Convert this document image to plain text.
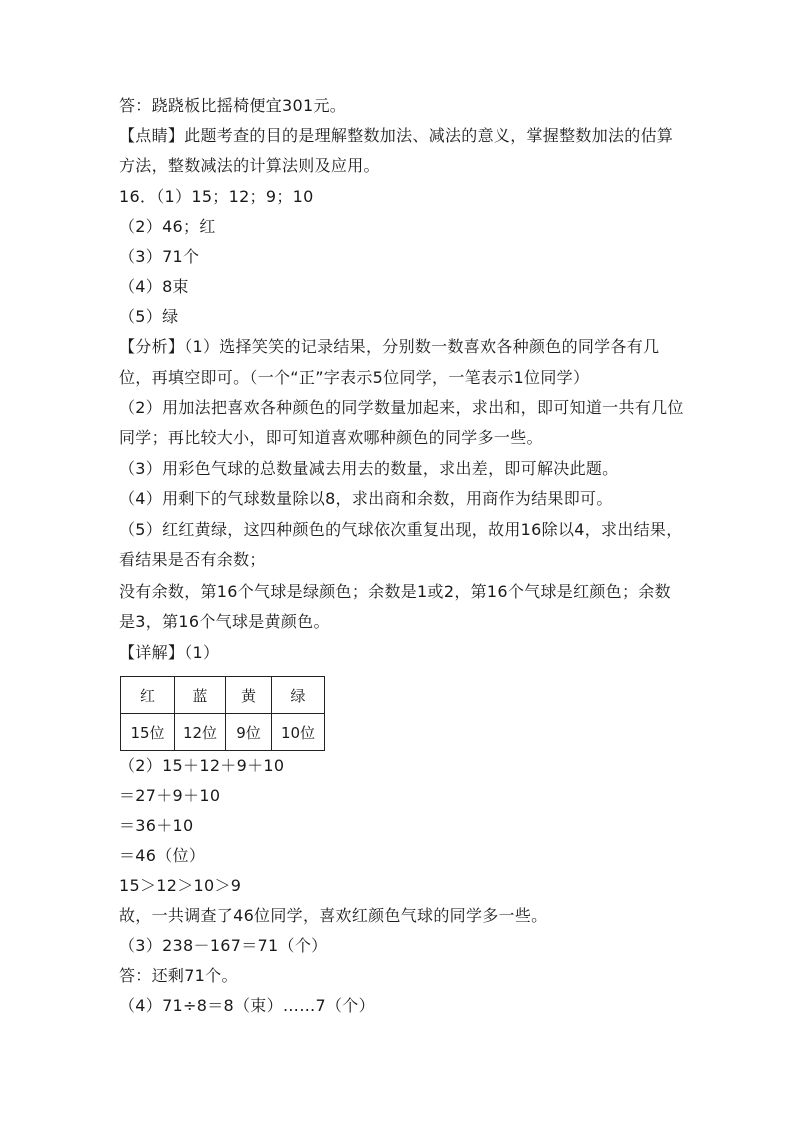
答：跷跷板比摇椅便宜301元。
【点睛】此题考查的目的是理解整数加法、减法的意义，掌握整数加法的估算
方法，整数减法的计算法则及应用。
16．（1）15；12；9；10
（2）46；红
（3）71个
（4）8束
（5）绿
【分析】（1）选择笑笑的记录结果，分别数一数喜欢各种颜色的同学各有几
位，再填空即可。（一个“正”字表示5位同学，一笔表示1位同学）
（2）用加法把喜欢各种颜色的同学数量加起来，求出和，即可知道一共有几位
同学；再比较大小，即可知道喜欢哪种颜色的同学多一些。
（3）用彩色气球的总数量减去用去的数量，求出差，即可解决此题。
（4）用剩下的气球数量除以8，求出商和余数，用商作为结果即可。
（5）红红黄绿，这四种颜色的气球依次重复出现，故用16除以4，求出结果，
看结果是否有余数；
没有余数，第16个气球是绿颜色；余数是1或2，第16个气球是红颜色；余数
是3，第16个气球是黄颜色。
【详解】（1）
红	蓝	黄	绿
15位	12位	9位	10位
（2）15＋12＋9＋10
＝27＋9＋10
＝36＋10
＝46（位）
15＞12＞10＞9
故，一共调查了46位同学，喜欢红颜色气球的同学多一些。
（3）238－167＝71（个）
答：还剩71个。
（4）71÷8＝8（束）……7（个）
